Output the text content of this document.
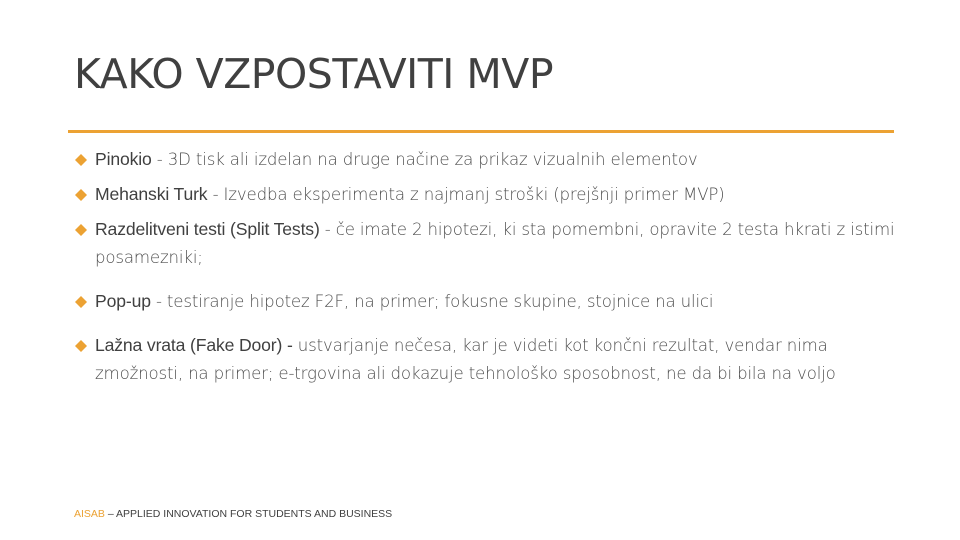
KAKO VZPOSTAVITI MVP
Pinokio - 3D tisk ali izdelan na druge načine za prikaz vizualnih elementov
Mehanski Turk - Izvedba eksperimenta z najmanj stroški (prejšnji primer MVP)
Razdelitveni testi (Split Tests) - če imate 2 hipotezi, ki sta pomembni, opravite 2 testa hkrati z istimi posamezniki;
Pop-up - testiranje hipotez F2F, na primer; fokusne skupine, stojnice na ulici
Lažna vrata (Fake Door) - ustvarjanje nečesa, kar je videti kot končni rezultat, vendar nima zmožnosti, na primer; e-trgovina ali dokazuje tehnološko sposobnost, ne da bi bila na voljo
AISAB – APPLIED INNOVATION FOR STUDENTS AND BUSINESS
